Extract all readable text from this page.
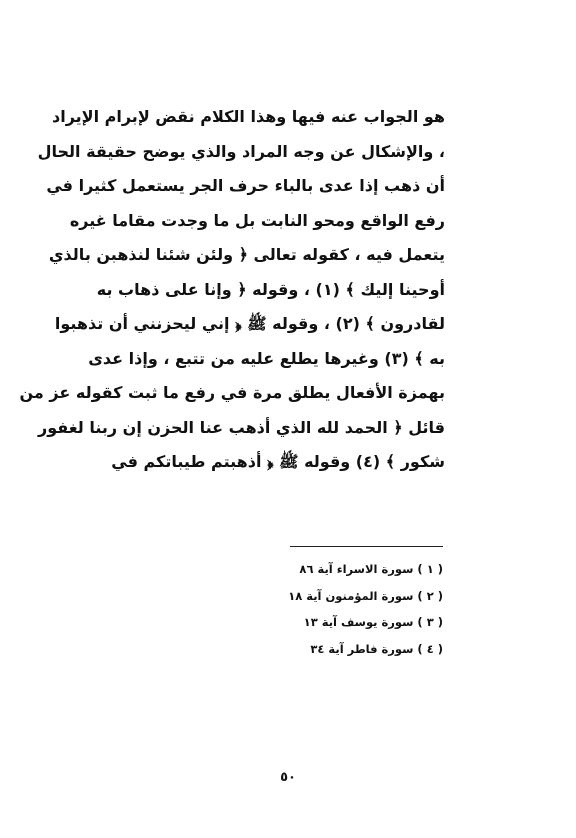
هو الجواب عنه فيها وهذا الكلام نقض لإبرام الإيراد
، والإشكال عن وجه المراد والذي يوضح حقيقة الحال
أن ذهب إذا عدى بالباء حرف الجر يستعمل كثيرا في
رفع الواقع ومحو النابت بل ما وجدت مقاما غيره
يتعمل فيه ، كقوله تعالى ﴿ ولئن شئنا لنذهبن بالذي
أوحينا إليك ﴾ (١) ، وقوله ﴿ وإنا على ذهاب به
لقادرون ﴾ (٢) ، وقوله ﷺ ﴿ إني ليحزنني أن تذهبوا
به ﴾ (٣) وغيرها يطلع عليه من تتبع ، وإذا عدى
بهمزة الأفعال يطلق مرة في رفع ما ثبت كقوله عز من
قائل ﴿ الحمد لله الذي أذهب عنا الحزن إن ربنا لغفور
شكور ﴾ (٤) وقوله ﷺ ﴿ أذهبتم طيباتكم في
( ١ ) سورة الاسراء آية ٨٦
( ٢ ) سورة المؤمنون آية ١٨
( ٣ ) سورة يوسف آية ١٣
( ٤ ) سورة فاطر آية ٣٤
٥٠
